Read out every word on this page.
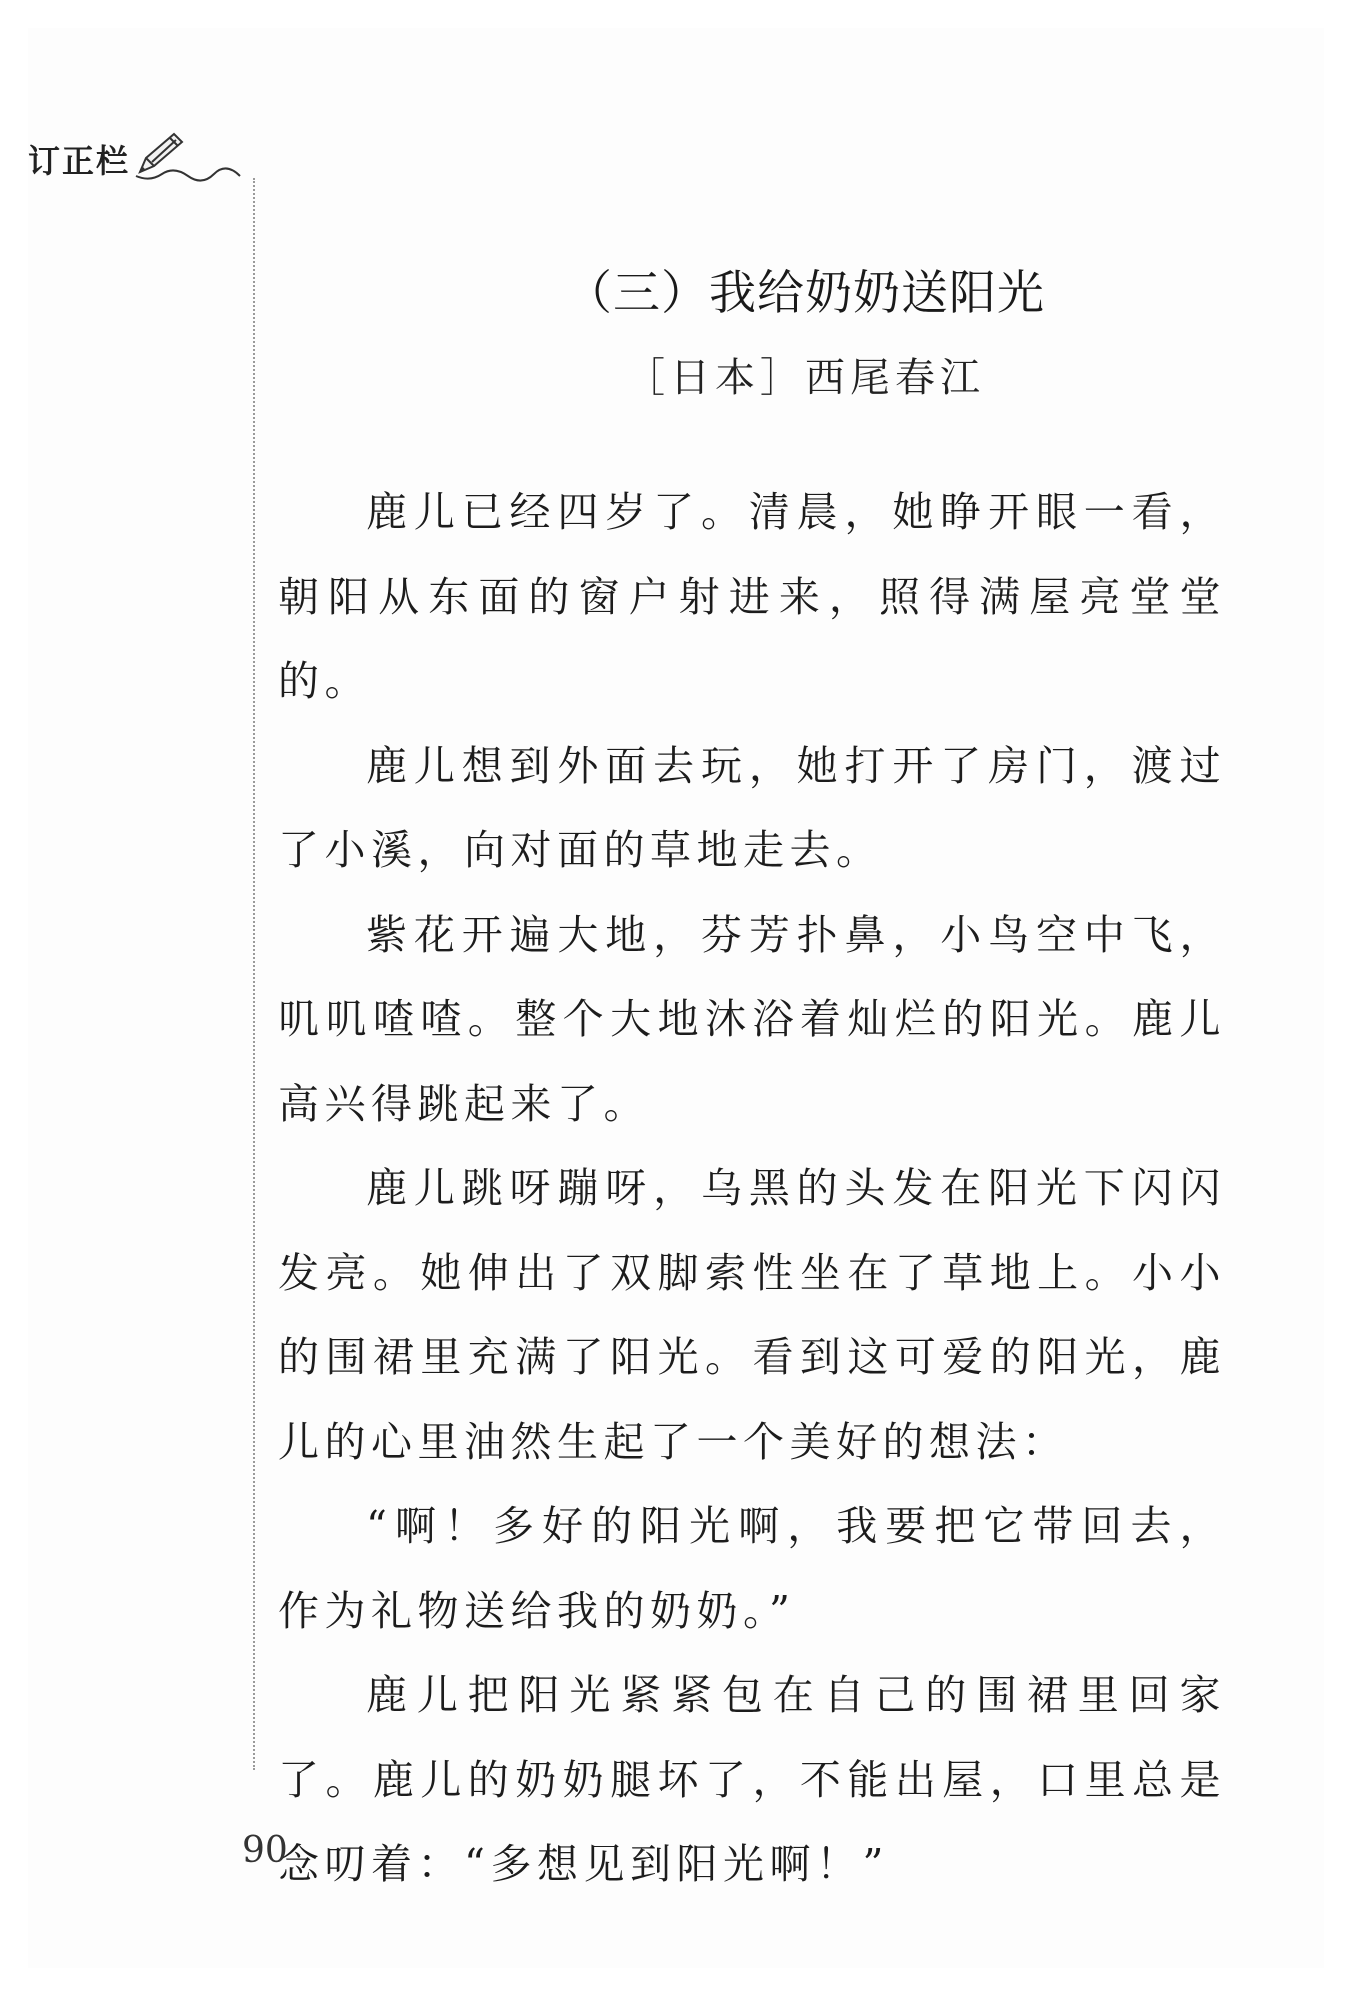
订正栏
（三）我给奶奶送阳光
［日本］西尾春江

鹿儿已经四岁了。清晨，她睁开眼一看，朝阳从东面的窗户射进来，照得满屋亮堂堂的。

鹿儿想到外面去玩，她打开了房门，渡过了小溪，向对面的草地走去。

紫花开遍大地，芬芳扑鼻，小鸟空中飞，叽叽喳喳。整个大地沐浴着灿烂的阳光。鹿儿高兴得跳起来了。

鹿儿跳呀蹦呀，乌黑的头发在阳光下闪闪发亮。她伸出了双脚索性坐在了草地上。小小的围裙里充满了阳光。看到这可爱的阳光，鹿儿的心里油然生起了一个美好的想法：

“啊！多好的阳光啊，我要把它带回去，作为礼物送给我的奶奶。”

鹿儿把阳光紧紧包在自己的围裙里回家了。鹿儿的奶奶腿坏了，不能出屋，口里总是念叨着：“多想见到阳光啊！”

90
